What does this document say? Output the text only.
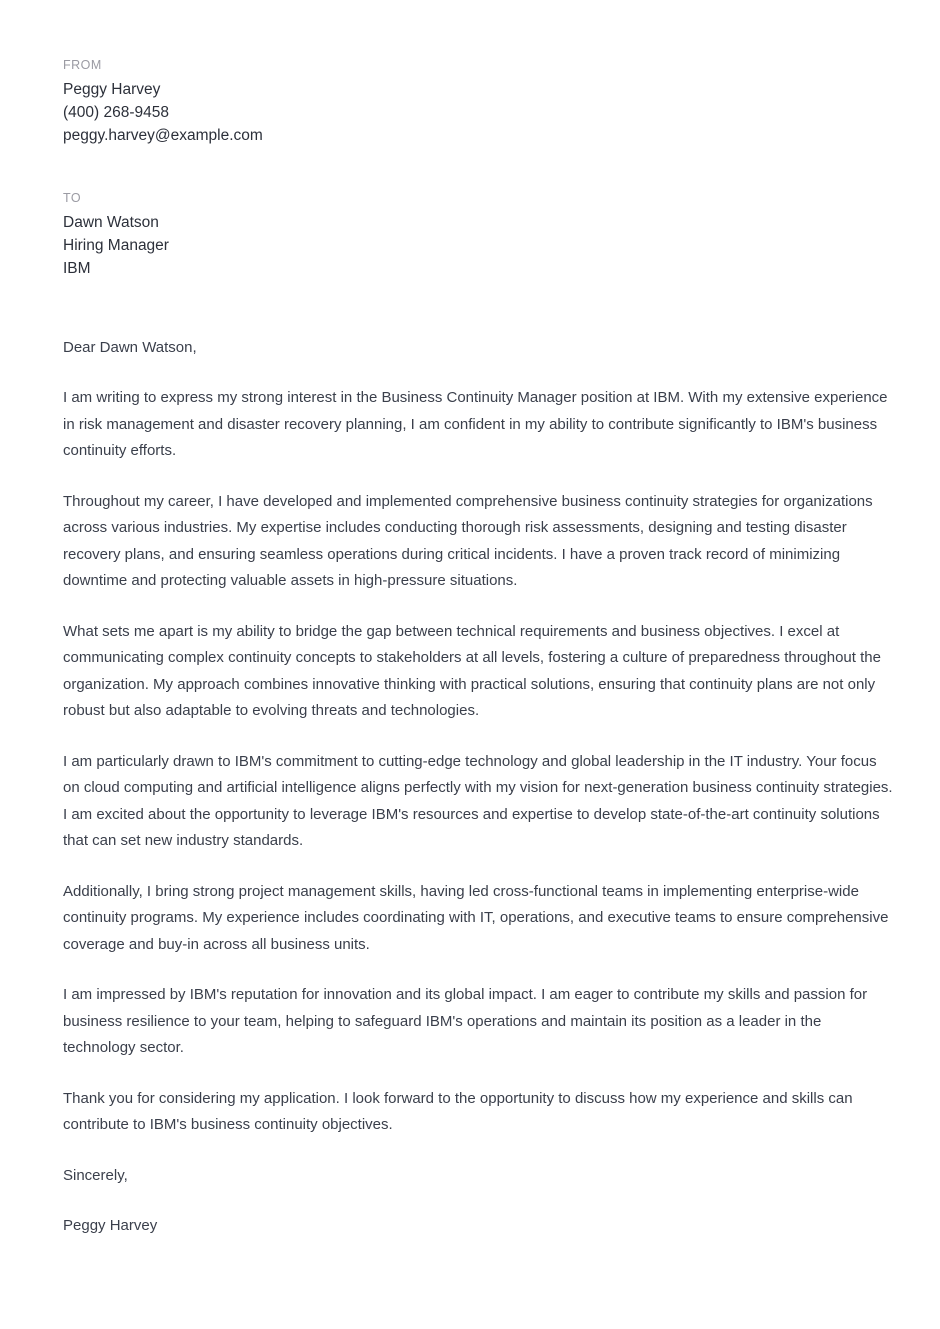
FROM
Peggy Harvey
(400) 268-9458
peggy.harvey@example.com
TO
Dawn Watson
Hiring Manager
IBM
Dear Dawn Watson,

I am writing to express my strong interest in the Business Continuity Manager position at IBM. With my extensive experience in risk management and disaster recovery planning, I am confident in my ability to contribute significantly to IBM's business continuity efforts.

Throughout my career, I have developed and implemented comprehensive business continuity strategies for organizations across various industries. My expertise includes conducting thorough risk assessments, designing and testing disaster recovery plans, and ensuring seamless operations during critical incidents. I have a proven track record of minimizing downtime and protecting valuable assets in high-pressure situations.

What sets me apart is my ability to bridge the gap between technical requirements and business objectives. I excel at communicating complex continuity concepts to stakeholders at all levels, fostering a culture of preparedness throughout the organization. My approach combines innovative thinking with practical solutions, ensuring that continuity plans are not only robust but also adaptable to evolving threats and technologies.

I am particularly drawn to IBM's commitment to cutting-edge technology and global leadership in the IT industry. Your focus on cloud computing and artificial intelligence aligns perfectly with my vision for next-generation business continuity strategies. I am excited about the opportunity to leverage IBM's resources and expertise to develop state-of-the-art continuity solutions that can set new industry standards.

Additionally, I bring strong project management skills, having led cross-functional teams in implementing enterprise-wide continuity programs. My experience includes coordinating with IT, operations, and executive teams to ensure comprehensive coverage and buy-in across all business units.

I am impressed by IBM's reputation for innovation and its global impact. I am eager to contribute my skills and passion for business resilience to your team, helping to safeguard IBM's operations and maintain its position as a leader in the technology sector.

Thank you for considering my application. I look forward to the opportunity to discuss how my experience and skills can contribute to IBM's business continuity objectives.

Sincerely,
Peggy Harvey
